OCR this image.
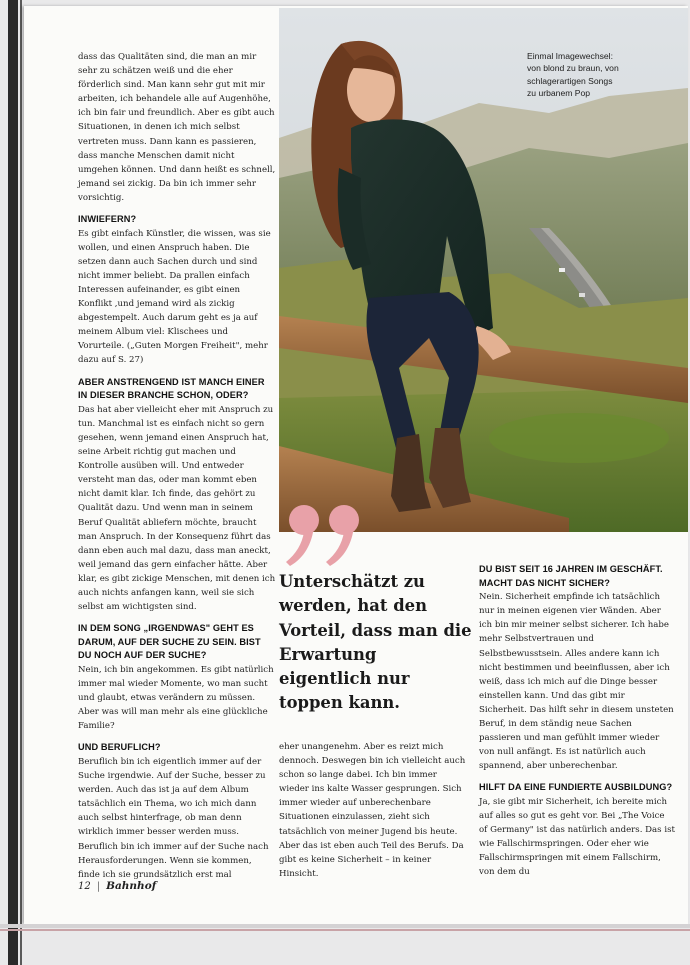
Einmal Imagewechsel:
von blond zu braun, von
schlagerartigen Songs
zu urbanem Pop

dass das Qualitäten sind, die man an mir sehr zu schätzen weiß und die eher förderlich sind. Man kann sehr gut mit mir arbeiten, ich behandele alle auf Augenhöhe, ich bin fair und freundlich. Aber es gibt auch Situationen, in denen ich mich selbst vertreten muss. Dann kann es passieren, dass manche Menschen damit nicht umgehen können. Und dann heißt es schnell, jemand sei zickig. Da bin ich immer sehr vorsichtig.

INWIEFERN?

Es gibt einfach Künstler, die wissen, was sie wollen, und einen Anspruch haben. Die setzen dann auch Sachen durch und sind nicht immer beliebt. Da prallen einfach Interessen aufeinander, es gibt einen Konflikt ,und jemand wird als zickig abgestempelt. Auch darum geht es ja auf meinem Album viel: Klischees und Vorurteile. („Guten Morgen Freiheit", mehr dazu auf S. 27)

ABER ANSTRENGEND IST MANCH EINER IN DIESER BRANCHE SCHON, ODER?

Das hat aber vielleicht eher mit Anspruch zu tun. Manchmal ist es einfach nicht so gern gesehen, wenn jemand einen Anspruch hat, seine Arbeit richtig gut machen und Kontrolle ausüben will. Und entweder versteht man das, oder man kommt eben nicht damit klar. Ich finde, das gehört zu Qualität dazu. Und wenn man in seinem Beruf Qualität abliefern möchte, braucht man Anspruch. In der Konsequenz führt das dann eben auch mal dazu, dass man aneckt, weil jemand das gern einfacher hätte. Aber klar, es gibt zickige Menschen, mit denen ich auch nichts anfangen kann, weil sie sich selbst am wichtigsten sind.

IN DEM SONG „IRGENDWAS" GEHT ES DARUM, AUF DER SUCHE ZU SEIN. BIST DU NOCH AUF DER SUCHE?

Nein, ich bin angekommen. Es gibt natürlich immer mal wieder Momente, wo man sucht und glaubt, etwas verändern zu müssen. Aber was will man mehr als eine glückliche Familie?

UND BERUFLICH?

Beruflich bin ich eigentlich immer auf der Suche irgendwie. Auf der Suche, besser zu werden. Auch das ist ja auf dem Album tatsächlich ein Thema, wo ich mich dann auch selbst hinterfrage, ob man denn wirklich immer besser werden muss. Beruflich bin ich immer auf der Suche nach Herausforderungen. Wenn sie kommen, finde ich sie grundsätzlich erst mal

Unterschätzt zu werden, hat den Vorteil, dass man die Erwartung eigentlich nur toppen kann.

eher unangenehm. Aber es reizt mich dennoch. Deswegen bin ich vielleicht auch schon so lange dabei. Ich bin immer wieder ins kalte Wasser gesprungen. Sich immer wieder auf unberechenbare Situationen einzulassen, zieht sich tatsächlich von meiner Jugend bis heute. Aber das ist eben auch Teil des Berufs. Da gibt es keine Sicherheit – in keiner Hinsicht.

DU BIST SEIT 16 JAHREN IM GESCHÄFT. MACHT DAS NICHT SICHER?

Nein. Sicherheit empfinde ich tatsächlich nur in meinen eigenen vier Wänden. Aber ich bin mir meiner selbst sicherer. Ich habe mehr Selbstvertrauen und Selbstbewusstsein. Alles andere kann ich nicht bestimmen und beeinflussen, aber ich weiß, dass ich mich auf die Dinge besser einstellen kann. Und das gibt mir Sicherheit. Das hilft sehr in diesem unsteten Beruf, in dem ständig neue Sachen passieren und man gefühlt immer wieder von null anfängt. Es ist natürlich auch spannend, aber unberechenbar.

HILFT DA EINE FUNDIERTE AUSBILDUNG?

Ja, sie gibt mir Sicherheit, ich bereite mich auf alles so gut es geht vor. Bei „The Voice of Germany" ist das natürlich anders. Das ist wie Fallschirmspringen. Oder eher wie Fallschirmspringen mit einem Fallschirm, von dem du

12 | Bahnhof
